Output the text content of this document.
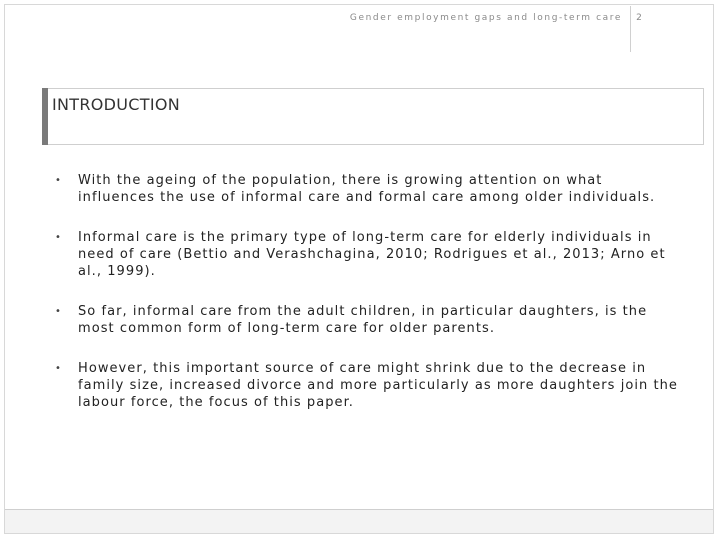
Gender employment gaps and long-term care 2
INTRODUCTION
• With the ageing of the population, there is growing attention on what influences the use of informal care and formal care among older individuals.
• Informal care is the primary type of long-term care for elderly individuals in need of care (Bettio and Verashchagina, 2010; Rodrigues et al., 2013; Arno et al., 1999).
• So far, informal care from the adult children, in particular daughters, is the most common form of long-term care for older parents.
• However, this important source of care might shrink due to the decrease in family size, increased divorce and more particularly as more daughters join the labour force, the focus of this paper.
